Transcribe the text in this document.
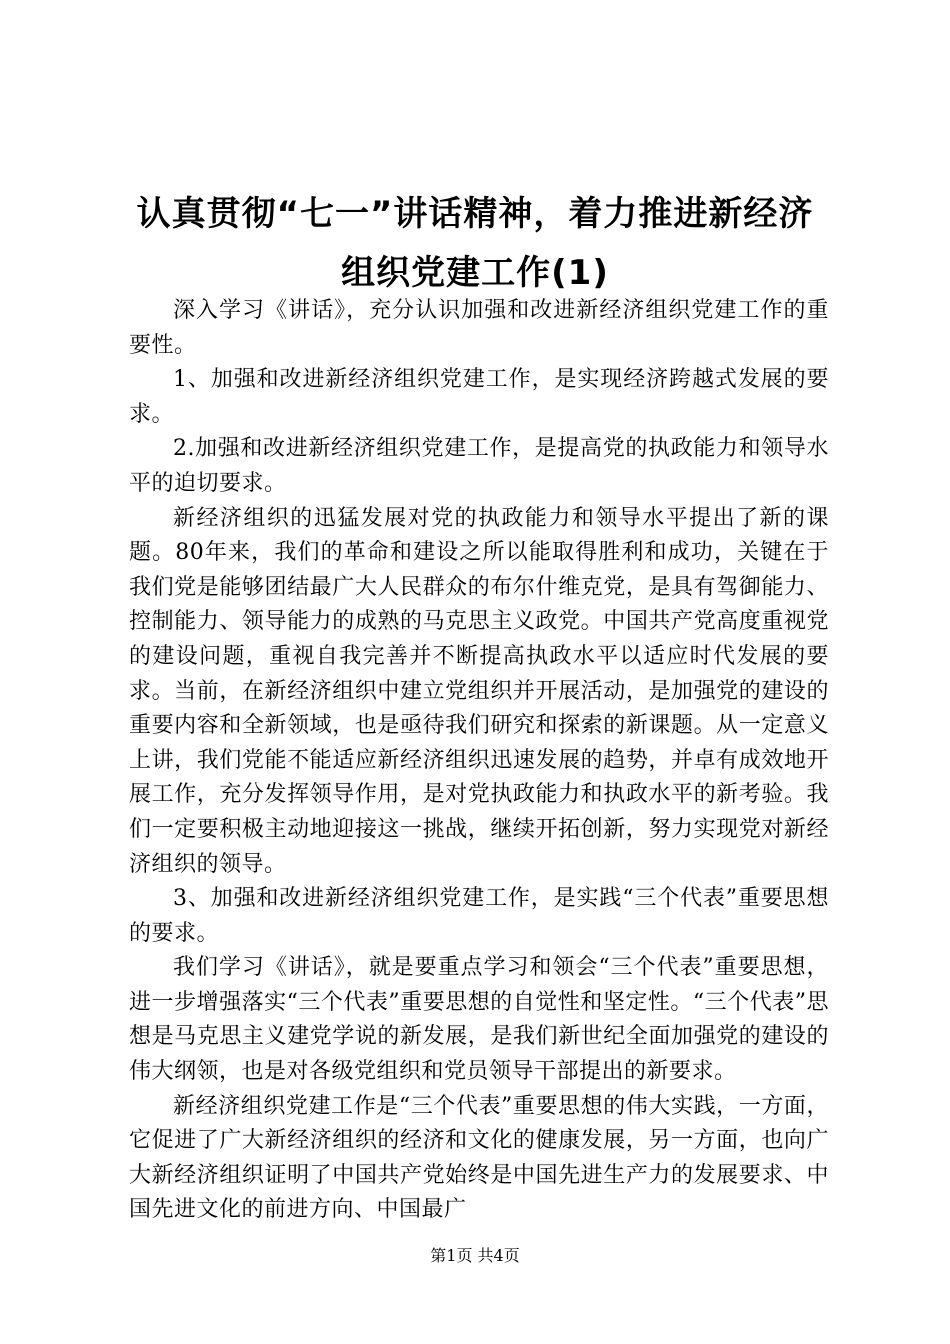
认真贯彻“七一”讲话精神，着力推进新经济
组织党建工作(1)

深入学习《讲话》，充分认识加强和改进新经济组织党建工作的重要性。

1、加强和改进新经济组织党建工作，是实现经济跨越式发展的要求。

2.加强和改进新经济组织党建工作，是提高党的执政能力和领导水平的迫切要求。

新经济组织的迅猛发展对党的执政能力和领导水平提出了新的课题。80年来，我们的革命和建设之所以能取得胜利和成功，关键在于我们党是能够团结最广大人民群众的布尔什维克党，是具有驾御能力、控制能力、领导能力的成熟的马克思主义政党。中国共产党高度重视党的建设问题，重视自我完善并不断提高执政水平以适应时代发展的要求。当前，在新经济组织中建立党组织并开展活动，是加强党的建设的重要内容和全新领域，也是亟待我们研究和探索的新课题。从一定意义上讲，我们党能不能适应新经济组织迅速发展的趋势，并卓有成效地开展工作，充分发挥领导作用，是对党执政能力和执政水平的新考验。我们一定要积极主动地迎接这一挑战，继续开拓创新，努力实现党对新经济组织的领导。

3、加强和改进新经济组织党建工作，是实践“三个代表”重要思想的要求。

我们学习《讲话》，就是要重点学习和领会“三个代表”重要思想，进一步增强落实“三个代表”重要思想的自觉性和坚定性。“三个代表”思想是马克思主义建党学说的新发展，是我们新世纪全面加强党的建设的伟大纲领，也是对各级党组织和党员领导干部提出的新要求。

新经济组织党建工作是“三个代表”重要思想的伟大实践，一方面，它促进了广大新经济组织的经济和文化的健康发展，另一方面，也向广大新经济组织证明了中国共产党始终是中国先进生产力的发展要求、中国先进文化的前进方向、中国最广

第1页 共4页
